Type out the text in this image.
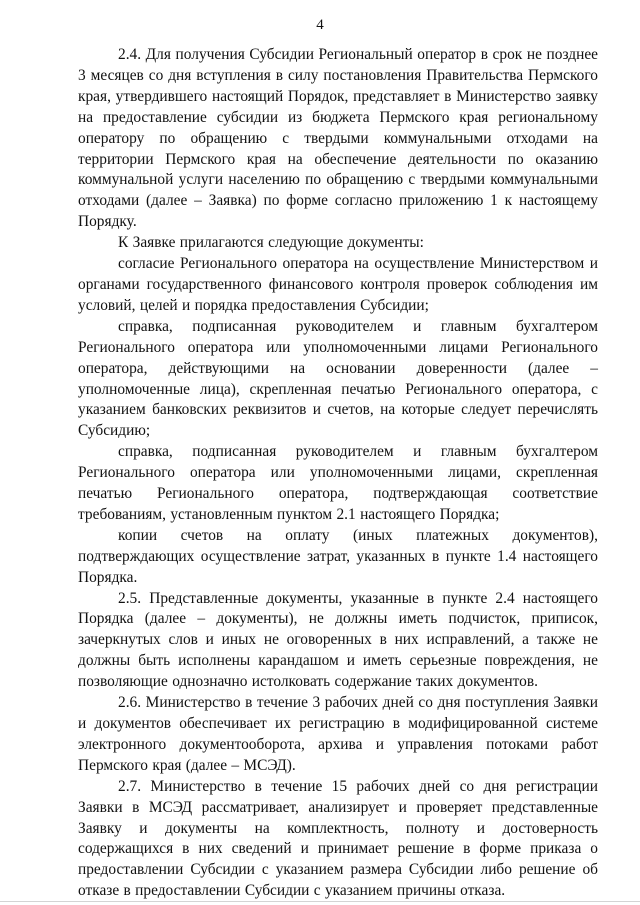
4

2.4. Для получения Субсидии Региональный оператор в срок не позднее 3 месяцев со дня вступления в силу постановления Правительства Пермского края, утвердившего настоящий Порядок, представляет в Министерство заявку на предоставление субсидии из бюджета Пермского края региональному оператору по обращению с твердыми коммунальными отходами на территории Пермского края на обеспечение деятельности по оказанию коммунальной услуги населению по обращению с твердыми коммунальными отходами (далее – Заявка) по форме согласно приложению 1 к настоящему Порядку.

К Заявке прилагаются следующие документы:

согласие Регионального оператора на осуществление Министерством и органами государственного финансового контроля проверок соблюдения им условий, целей и порядка предоставления Субсидии;

справка, подписанная руководителем и главным бухгалтером Регионального оператора или уполномоченными лицами Регионального оператора, действующими на основании доверенности (далее – уполномоченные лица), скрепленная печатью Регионального оператора, с указанием банковских реквизитов и счетов, на которые следует перечислять Субсидию;

справка, подписанная руководителем и главным бухгалтером Регионального оператора или уполномоченными лицами, скрепленная печатью Регионального оператора, подтверждающая соответствие требованиям, установленным пунктом 2.1 настоящего Порядка;

копии счетов на оплату (иных платежных документов), подтверждающих осуществление затрат, указанных в пункте 1.4 настоящего Порядка.

2.5. Представленные документы, указанные в пункте 2.4 настоящего Порядка (далее – документы), не должны иметь подчисток, приписок, зачеркнутых слов и иных не оговоренных в них исправлений, а также не должны быть исполнены карандашом и иметь серьезные повреждения, не позволяющие однозначно истолковать содержание таких документов.

2.6. Министерство в течение 3 рабочих дней со дня поступления Заявки и документов обеспечивает их регистрацию в модифицированной системе электронного документооборота, архива и управления потоками работ Пермского края (далее – МСЭД).

2.7. Министерство в течение 15 рабочих дней со дня регистрации Заявки в МСЭД рассматривает, анализирует и проверяет представленные Заявку и документы на комплектность, полноту и достоверность содержащихся в них сведений и принимает решение в форме приказа о предоставлении Субсидии с указанием размера Субсидии либо решение об отказе в предоставлении Субсидии с указанием причины отказа.
